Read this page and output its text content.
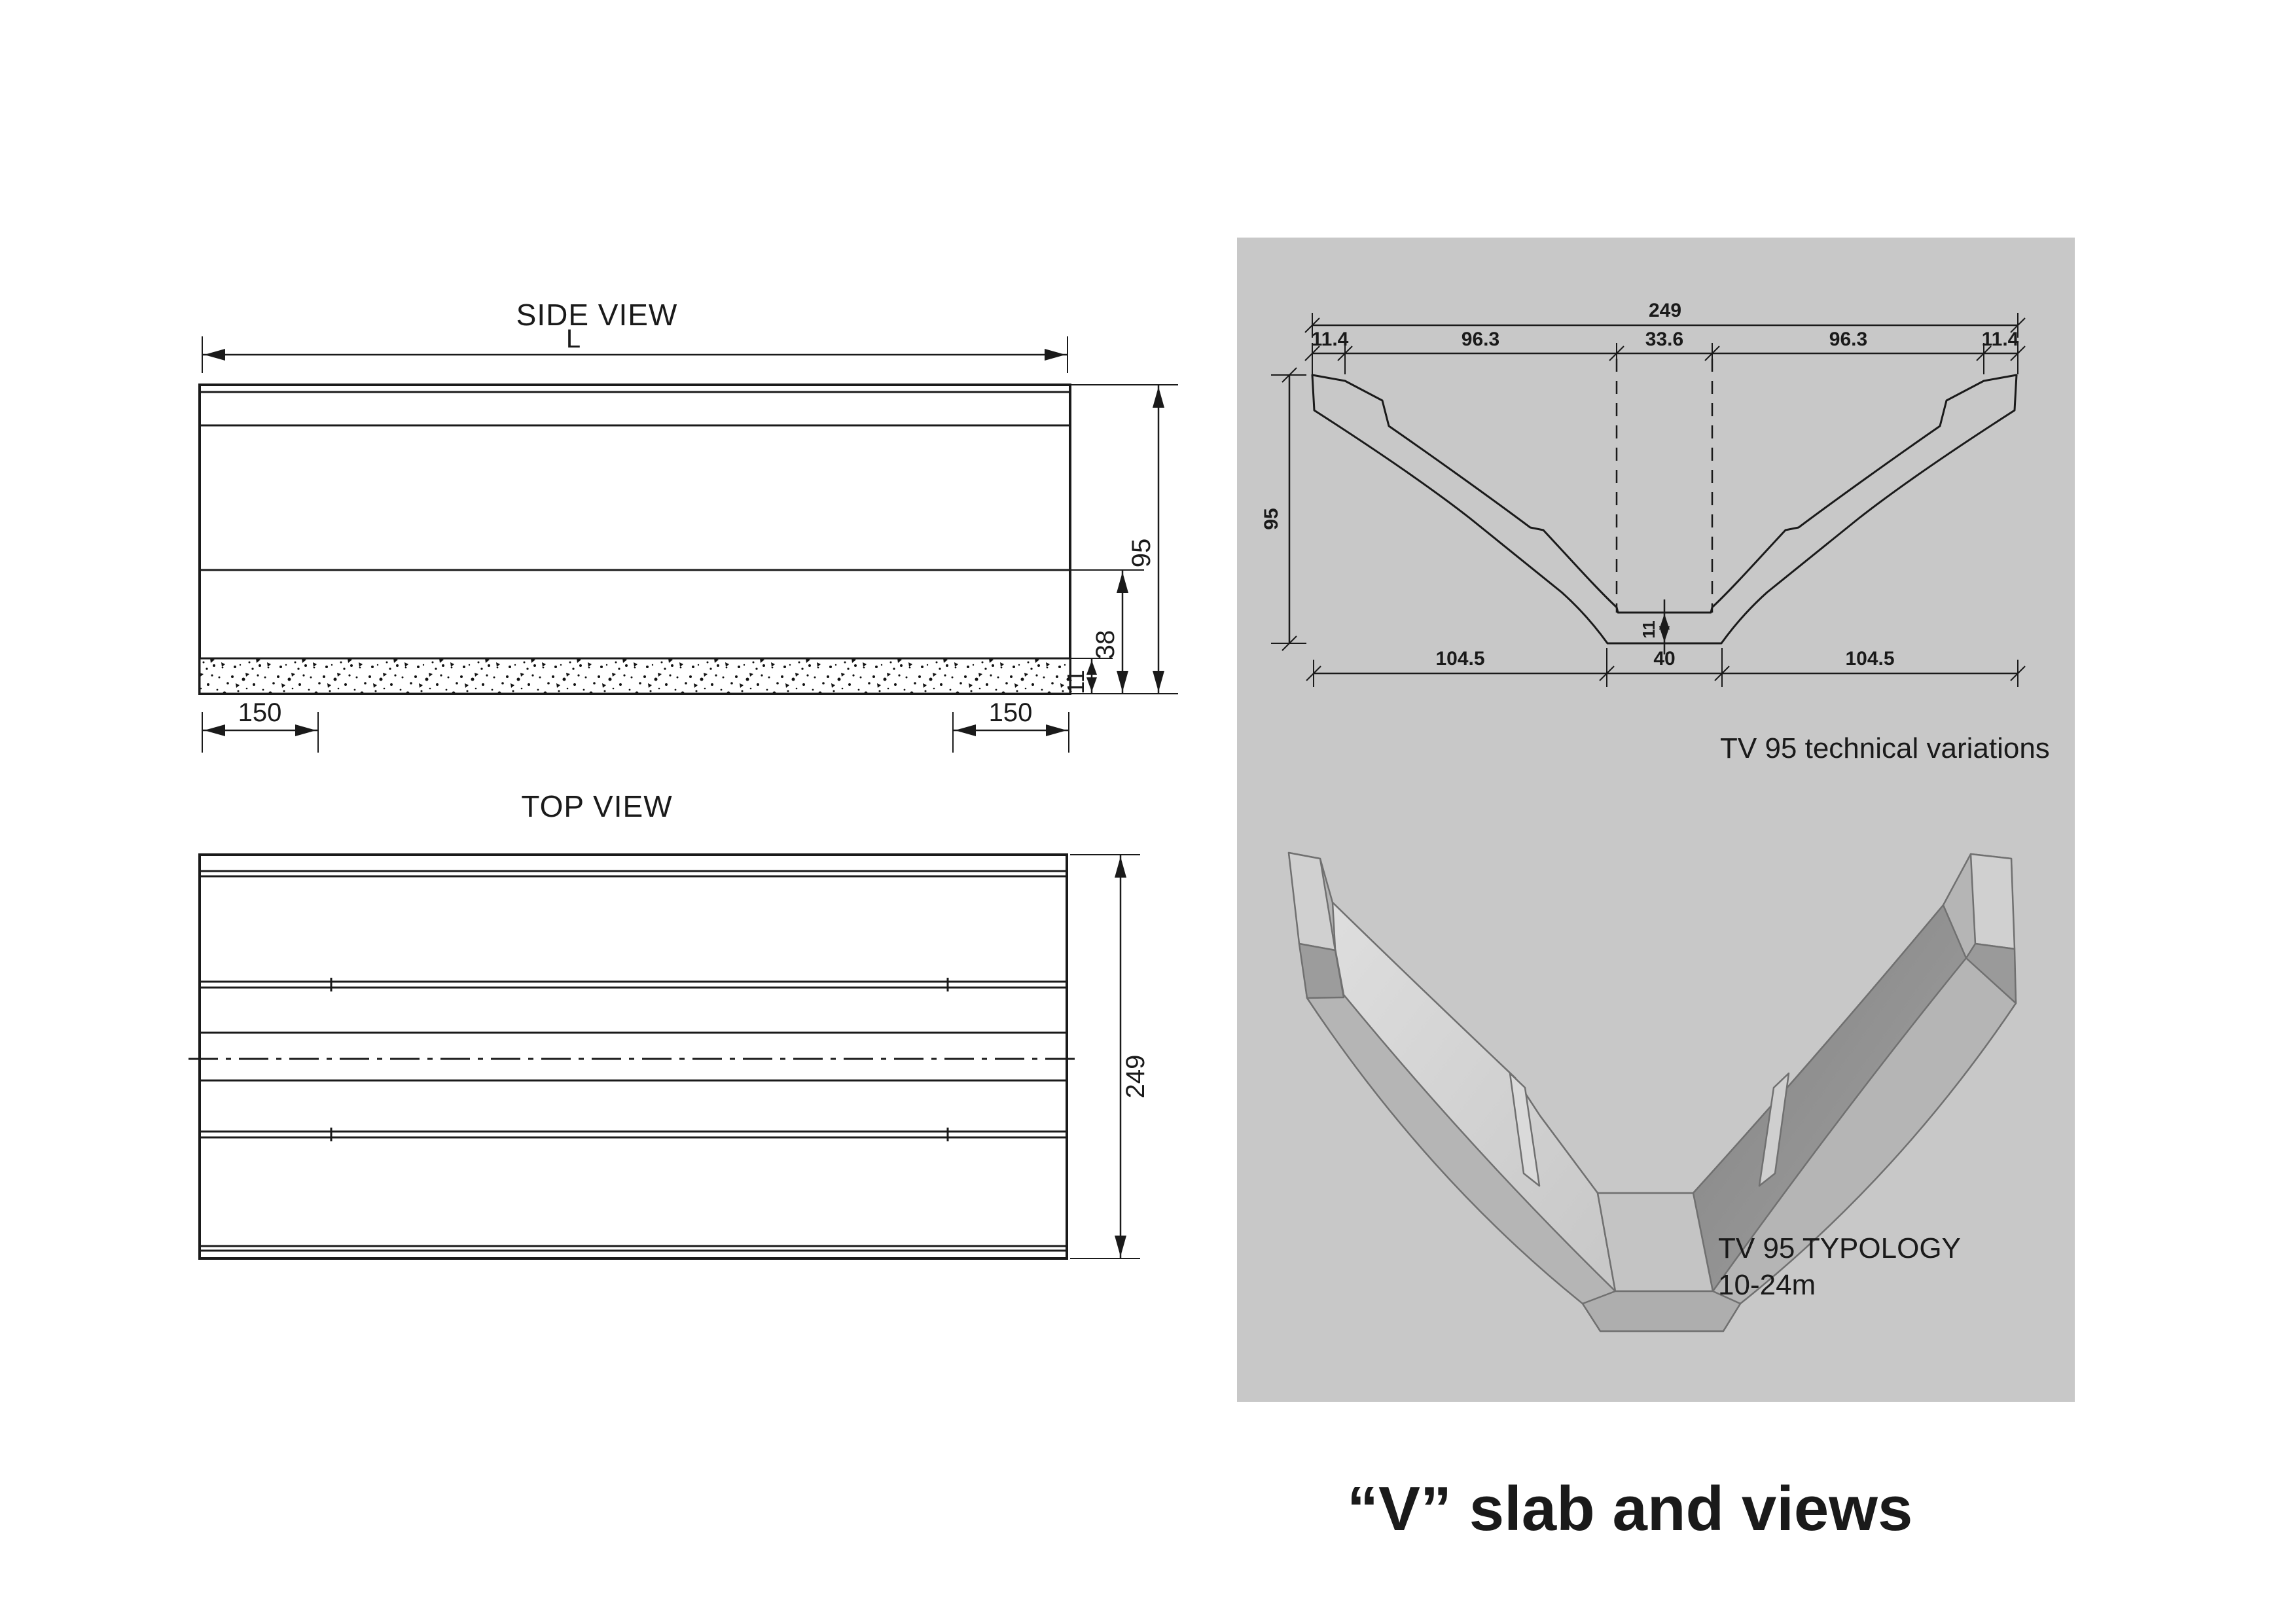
SIDE VIEW
L
95
38
11
150	150
TOP VIEW
249
249
11.4	96.3	33.6	96.3	11.4
95
104.5	40	104.5
11
TV 95 technical variations
TV 95 TYPOLOGY
10-24m
“V” slab and views
